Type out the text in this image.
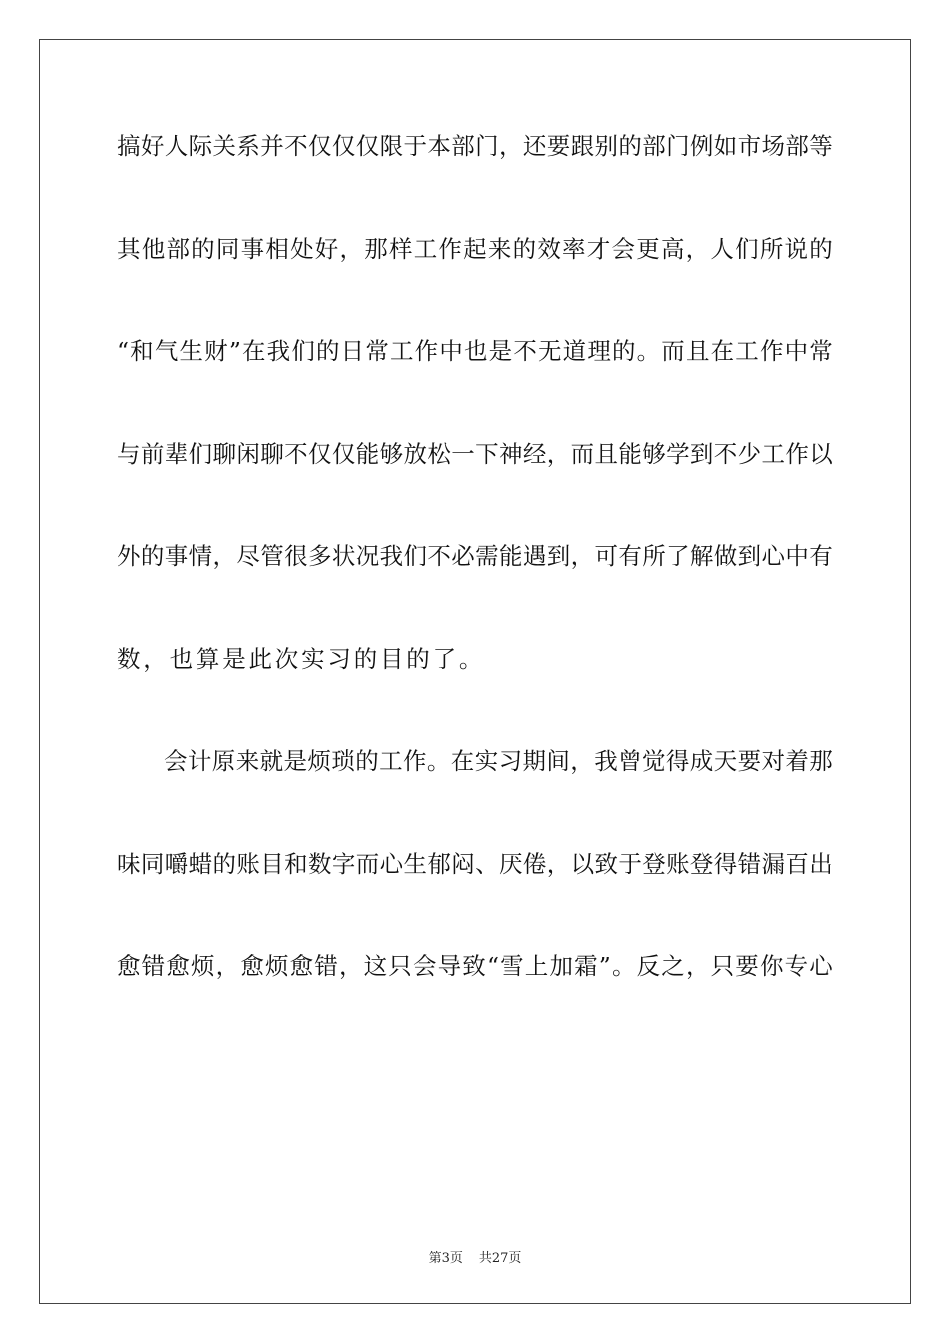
搞好人际关系并不仅仅仅限于本部门，还要跟别的部门例如市场部等
其他部的同事相处好，那样工作起来的效率才会更高，人们所说的
“和气生财”在我们的日常工作中也是不无道理的。而且在工作中常
与前辈们聊闲聊不仅仅能够放松一下神经，而且能够学到不少工作以
外的事情，尽管很多状况我们不必需能遇到，可有所了解做到心中有
数，也算是此次实习的目的了。
会计原来就是烦琐的工作。在实习期间，我曾觉得成天要对着那
味同嚼蜡的账目和数字而心生郁闷、厌倦，以致于登账登得错漏百出
愈错愈烦，愈烦愈错，这只会导致“雪上加霜”。反之，只要你专心
第3页 共27页
